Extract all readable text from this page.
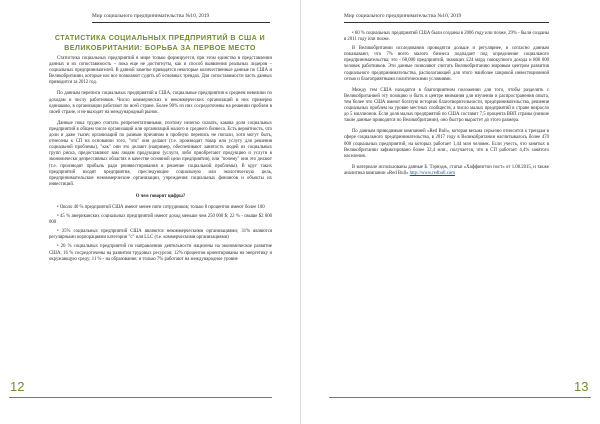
Мир социального предпринимательства №10, 2019
СТАТИСТИКА СОЦИАЛЬНЫХ ПРЕДПРИЯТИЙ В США И ВЕЛИКОБРИТАНИИ: БОРЬБА ЗА ПЕРВОЕ МЕСТО

Статистика социальных предприятий в мире только формируется, при этом единство в представлении данных и их сопоставимость – пока еще не достигнуты, как и способ выявления реальных лидеров – социальных предпринимателей. В данной заметке приводятся некоторые количественные данные по США и Великобритании, которые нас все позволяют судить об основных трендах. Для сопоставимости часть данных приводится за 2012 год.

По данным переписи социальных предприятий в США, социальные предприятия в среднем невелики по доходам и числу работников. Число коммерческих и некоммерческих организаций в них примерно одинаково, в организации работают по всей стране. Более 90% из них сосредоточены на решении проблем в своей стране, и не выходят на международный рынок.

Данные пока трудно считать репрезентативными, поэтому нелегко сказать, какова доля социальных предприятий в общем числе организаций или организаций малого и среднего бизнеса. Есть вероятность, что доли и даже тысяч организаций по разным причинам в пробную перепись не попали, хотя могут быть, отнесены к СП на основании того, "что" они делают (т.е. производят товар или услугу для решения социальной проблемы), "как" они это делают (например, обеспечивают занятость людей из социальных групп риска, предоставляют вам людям продукцию (услуги, либо приобретают продукцию и услуги в экономически депрессивных областях в качестве основной цели предприятия), или "почему" они это делают (т.е. производят прибыль ради реинвестирования в решение социальной проблемы). В круг таких предприятий входят предприятия, преследующие социальную или экологическую цель, предпринимательские некоммерческие организации, учреждения социальных финансов и объекты их инвестиций.

О чем говорят цифры?
• Около 40 % предприятий США имеют менее пяти сотрудников; только 8 процентов имеют более 100
• 45 % американских социальных предприятий имеют доход меньше чем 250 000 $; 22 % - свыше $2 000 000
• 35% социальных предприятий США являются некоммерческими организациями; 31% являются регулярными корпорациями категории "c" или LLC (т.е. коммерческими организациями)
• 20 % социальных предприятий по направлению деятельности нацелены на экономическое развитие США; 16 % сосредоточены на развитии трудовых ресурсов; 12% процентов ориентированы на энергетику и окружающую среду; 11 % - на образование; и только 7% работают на международное уровне
12
Мир социального предпринимательства №10, 2019
• 60 % социальных предприятий США были созданы в 2006 году или позже, 29% - были созданы в 2011 году или позже.

В Великобритании исследования проводятся дольше и регулярнее, и согласно данным показывают, что 7% всего малого бизнеса подпадает под определение социального предпринимательства; это - 68,000 предприятий, знающих £24 млрд совокупного дохода и 800 000 человек работников. Эти данные позволяют считать Великобританию мировым центром развития социального предпринимательства, располагающей для этого наиболее широкой инвестиционной сетью и благоприятными политическими условиями.

Между тем США находятся в благоприятном положении для того, чтобы разделить с Великобританией эту позицию и быть в центре внимания для изучения и распространения опыта, тем более что США имеют богатую историю благотворительности, предпринимательства, решения социальных проблем на уровне местных сообществ, а число малых предприятий в стране возросло до 5 миллионов. Если доля малых предприятий по США составит 7,5 процента ВВП страны (низкие такие данные приводятся по Великобритании), оно быстро вырастет до этого размера.

По данным приводимым компанией «Red Bull», которая весьма серьезно относится к трендам в сфере социального предпринимательства, в 2017 году в Великобритании насчитывалось более 470 000 социальных предприятий, на которых работает 1,44 млн человек. Если учесть, что занятых в Великобритании зафиксировано более 32,4 млн., получается, что в СП работает 4,4% занятого населения.

В материале использованы данные Б. Тэрнэдж, статьи «Хаффингтон пост» от 1.08.2015, и также аналитика компании «Red Bull» http://www.redbull.com

13
